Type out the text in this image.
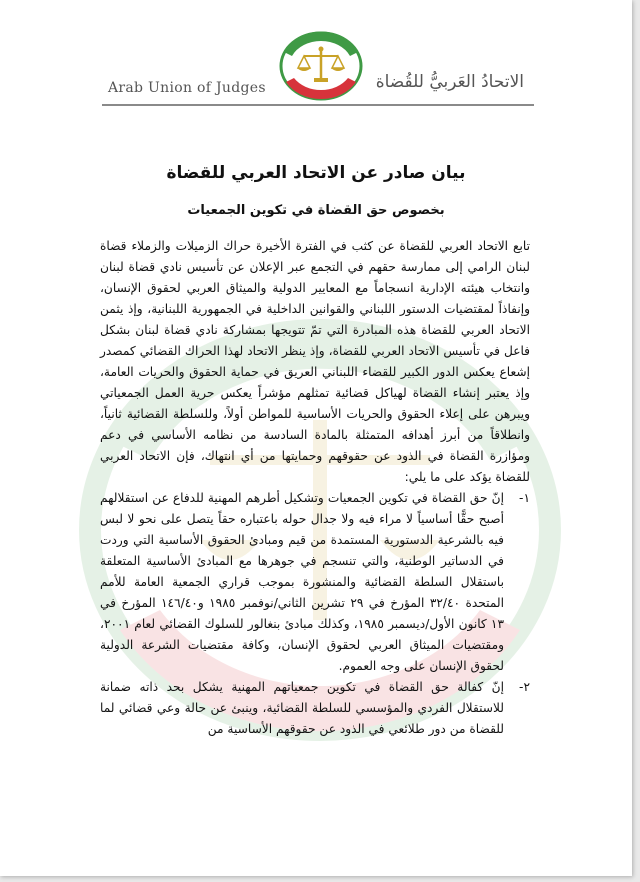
Arab Union of Judges	الاتحادُ العَربيُّ للقُضاة
بيان صادر عن الاتحاد العربي للقضاة
بخصوص حق القضاة في تكوين الجمعيات

تابع الاتحاد العربي للقضاة عن كثب في الفترة الأخيرة حراك الزميلات والزملاء قضاة لبنان الرامي إلى ممارسة حقهم في التجمع عبر الإعلان عن تأسيس نادي قضاة لبنان وانتخاب هيئته الإدارية انسجاماً مع المعايير الدولية والميثاق العربي لحقوق الإنسان، وإنفاذاً لمقتضيات الدستور اللبناني والقوانين الداخلية في الجمهورية اللبنانية، وإذ يثمن الاتحاد العربي للقضاة هذه المبادرة التي تمّ تتويجها بمشاركة نادي قضاة لبنان بشكل فاعل في تأسيس الاتحاد العربي للقضاة، وإذ ينظر الاتحاد لهذا الحراك القضائي كمصدر إشعاع يعكس الدور الكبير للقضاء اللبناني العريق في حماية الحقوق والحريات العامة، وإذ يعتبر إنشاء القضاة لهياكل قضائية تمثلهم مؤشراً يعكس حرية العمل الجمعياتي ويبرهن على إعلاء الحقوق والحريات الأساسية للمواطن أولاً، وللسلطة القضائية ثانياً، وانطلاقاً من أبرز أهدافه المتمثلة بالمادة السادسة من نظامه الأساسي في دعم ومؤازرة القضاة في الذود عن حقوقهم وحمايتها من أي انتهاك، فإن الاتحاد العربي للقضاة يؤكد على ما يلي:

١-

إنّ حق القضاة في تكوين الجمعيات وتشكيل أطرهم المهنية للدفاع عن استقلالهم أصبح حقًّا أساسياً لا مراء فيه ولا جدال حوله باعتباره حقاً يتصل على نحو لا لبس فيه بالشرعية الدستورية المستمدة من قيم ومبادئ الحقوق الأساسية التي وردت في الدساتير الوطنية، والتي تنسجم في جوهرها مع المبادئ الأساسية المتعلقة باستقلال السلطة القضائية والمنشورة بموجب قراري الجمعية العامة للأمم المتحدة ٣٢/٤٠ المؤرخ في ٢٩ تشرين الثاني/نوفمبر ١٩٨٥ و١٤٦/٤٠ المؤرخ في ١٣ كانون الأول/ديسمبر ١٩٨٥، وكذلك مبادئ بنغالور للسلوك القضائي لعام ٢٠٠١، ومقتضيات الميثاق العربي لحقوق الإنسان، وكافة مقتضيات الشرعة الدولية لحقوق الإنسان على وجه العموم.

٢-

إنّ كفالة حق القضاة في تكوين جمعياتهم المهنية يشكل بحد ذاته ضمانة للاستقلال الفردي والمؤسسي للسلطة القضائية، وينبئ عن حالة وعي قضائي لما للقضاة من دور طلائعي في الذود عن حقوقهم الأساسية من
